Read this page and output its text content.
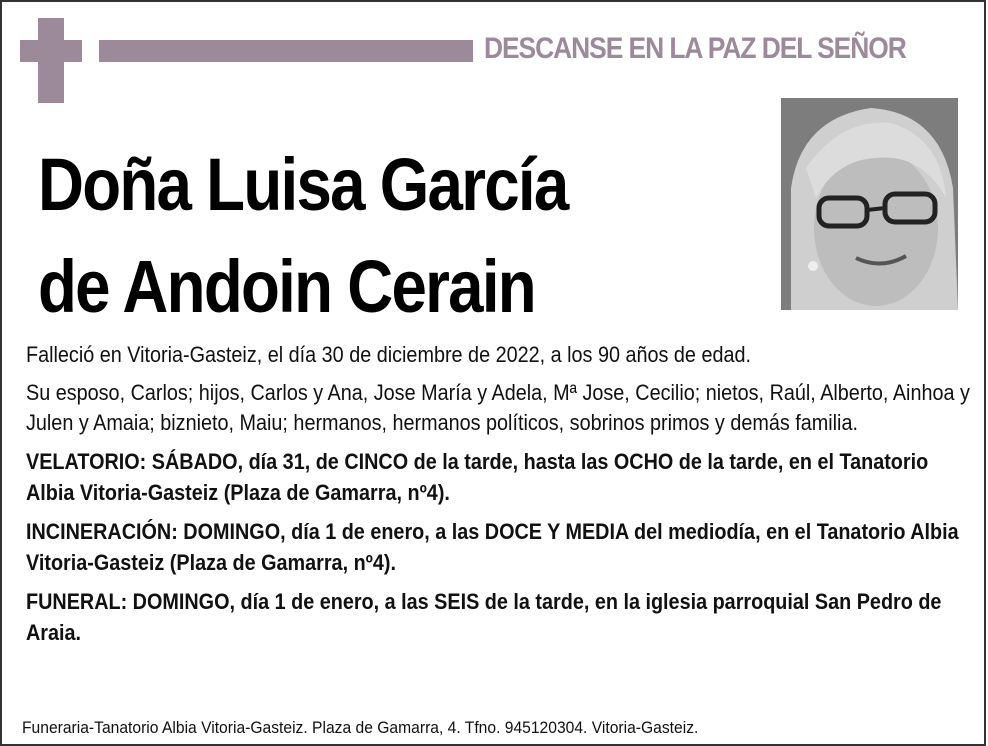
DESCANSE EN LA PAZ DEL SEÑOR
Doña Luisa García
de Andoin Cerain

Falleció en Vitoria-Gasteiz, el día 30 de diciembre de 2022, a los 90 años de edad.

Su esposo, Carlos; hijos, Carlos y Ana, Jose María y Adela, Mª Jose, Cecilio; nietos, Raúl, Alberto, Ainhoa y Julen y Amaia; biznieto, Maiu; hermanos, hermanos políticos, sobrinos primos y demás familia.

VELATORIO: SÁBADO, día 31, de CINCO de la tarde, hasta las OCHO de la tarde, en el Tanatorio Albia Vitoria-Gasteiz (Plaza de Gamarra, nº4).

INCINERACIÓN: DOMINGO, día 1 de enero, a las DOCE Y MEDIA del mediodía, en el Tanatorio Albia Vitoria-Gasteiz (Plaza de Gamarra, nº4).

FUNERAL: DOMINGO, día 1 de enero, a las SEIS de la tarde, en la iglesia parroquial San Pedro de Araia.

Funeraria-Tanatorio Albia Vitoria-Gasteiz. Plaza de Gamarra, 4. Tfno. 945120304. Vitoria-Gasteiz.
